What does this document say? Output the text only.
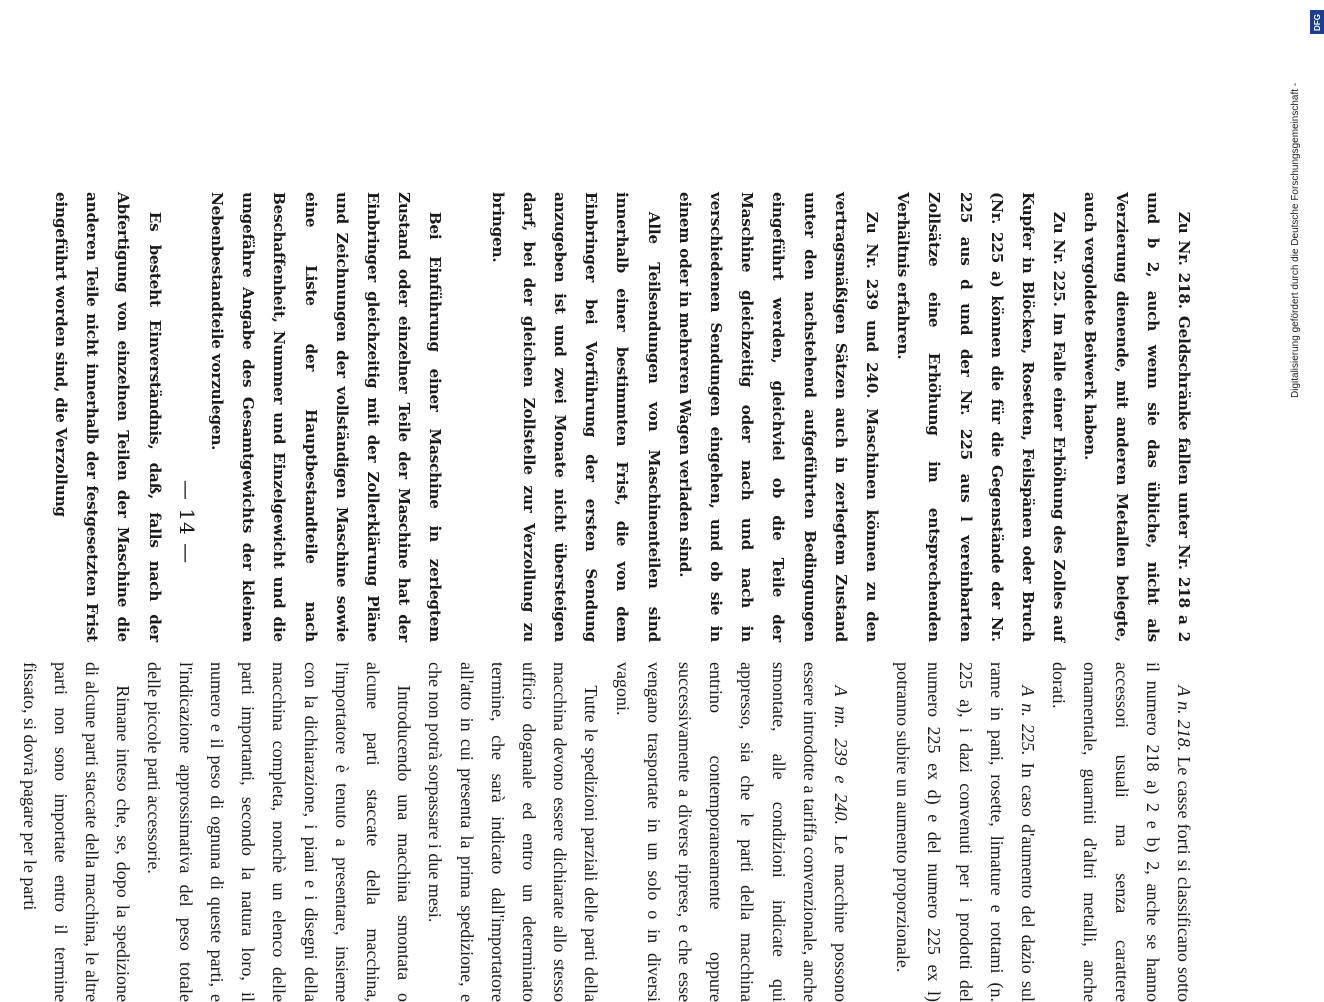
— 14 —	Zu Nr. 218. Geldschränke fallen unter Nr. 218 a 2 und b 2, auch wenn sie das übliche, nicht als Verzierung dienende, mit anderen Metallen belegte, auch vergoldete Beiwerk haben.

Zu Nr. 225. Im Falle einer Erhöhung des Zolles auf Kupfer in Blöcken, Rosetten, Feilspänen oder Bruch (Nr. 225 a) können die für die Gegenstände der Nr. 225 aus d und der Nr. 225 aus l vereinbarten Zollsätze eine Erhöhung im entsprechenden Verhältnis erfahren.

Zu Nr. 239 und 240. Maschinen können zu den vertragsmäßigen Sätzen auch in zerlegtem Zustand unter den nachstehend aufgeführten Bedingungen eingeführt werden, gleichviel ob die Teile der Maschine gleichzeitig oder nach und nach in verschiedenen Sendungen eingehen, und ob sie in einem oder in mehreren Wagen verladen sind.

Alle Teilsendungen von Maschinenteilen sind innerhalb einer bestimmten Frist, die von dem Einbringer bei Vorführung der ersten Sendung anzugeben ist und zwei Monate nicht übersteigen darf, bei der gleichen Zollstelle zur Verzollung zu bringen.

Bei Einführung einer Maschine in zerlegtem Zustand oder einzelner Teile der Maschine hat der Einbringer gleichzeitig mit der Zollerklärung Pläne und Zeichnungen der vollständigen Maschine sowie eine Liste der Hauptbestandteile nach Beschaffenheit, Nummer und Einzelgewicht und die ungefähre Angabe des Gesamtgewichts der kleinen Nebenbestandteile vorzulegen.

Es besteht Einverständnis, daß, falls nach der Abfertigung von einzelnen Teilen der Maschine die anderen Teile nicht innerhalb der festgesetzten Frist eingeführt worden sind, die Verzollung

A n. 218. Le casse forti si classificano sotto il numero 218 a) 2 e b) 2, anche se hanno accessori usuali ma senza carattere ornamentale, guarniti d'altri metalli, anche dorati.

A n. 225. In caso d'aumento del dazio sul rame in pani, rosette, limature e rottami (n. 225 a), i dazi convenuti per i prodotti del numero 225 ex d) e del numero 225 ex l) potranno subire un aumento proporzionale.

A nn. 239 e 240. Le macchine possono essere introdotte a tariffa convenzionale, anche smontate, alle condizioni indicate qui appresso, sia che le parti della macchina entrino contemporaneamente oppure successivamente a diverse riprese, e che esse vengano trasportate in un solo o in diversi vagoni.

Tutte le spedizioni parziali delle parti della macchina devono essere dichiarate allo stesso ufficio doganale ed entro un determinato termine, che sarà indicato dall'importatore all'atto in cui presenta la prima spedizione, e che non potrà sorpassare i due mesi.

Introducendo una macchina smontata o alcune parti staccate della macchina, l'importatore è tenuto a presentare, insieme con la dichiarazione, i piani e i disegni della macchina completa, nonchè un elenco delle parti importanti, secondo la natura loro, il numero e il peso di ognuna di queste parti, e l'indicazione approssimativa del peso totale delle piccole parti accessorie.

Rimane inteso che, se, dopo la spedizione di alcune parti staccate della macchina, le altre parti non sono importate entro il termine fissato, si dovrà pagare per le parti

Digitalisierung gefördert durch die Deutsche Forschungsgemeinschaft -
DFG
